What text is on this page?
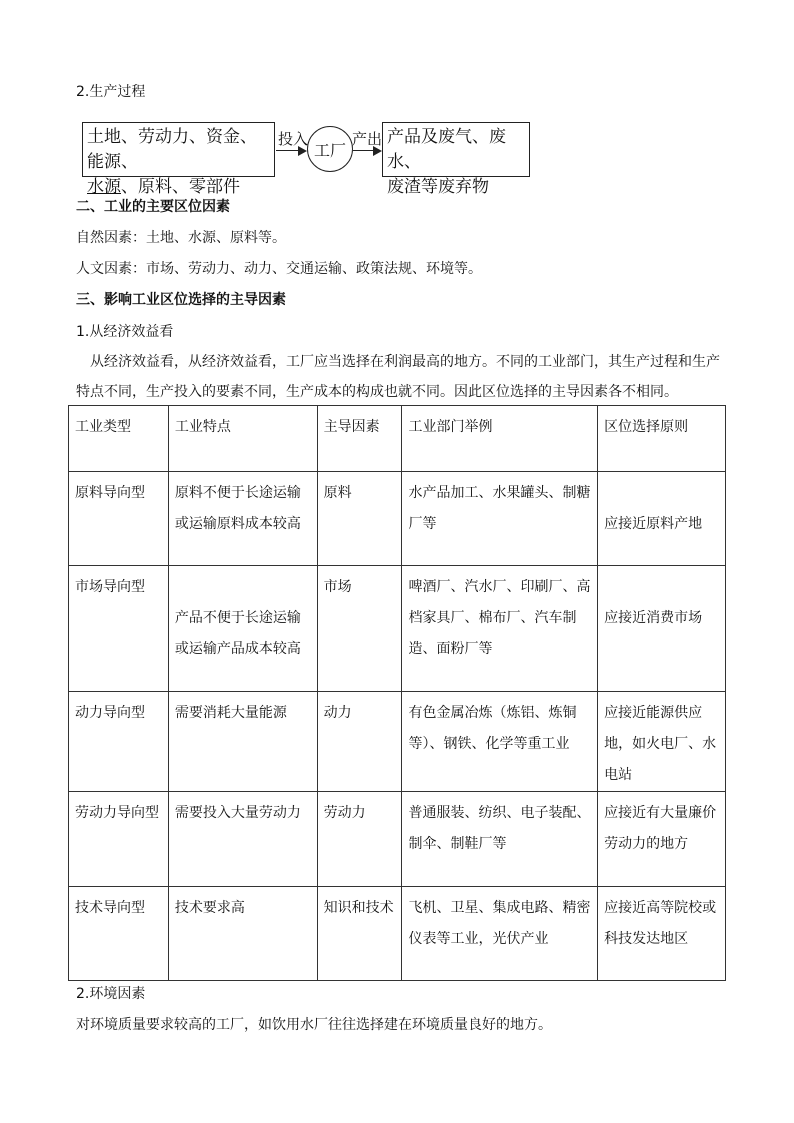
2.生产过程
土地、劳动力、资金、能源、
水源、原料、零部件
投入
工厂
产出 产品及废气、废水、
废渣等废弃物
二、工业的主要区位因素
自然因素：土地、水源、原料等。
人文因素：市场、劳动力、动力、交通运输、政策法规、环境等。
三、影响工业区位选择的主导因素
1.从经济效益看
从经济效益看，从经济效益看，工厂应当选择在利润最高的地方。不同的工业部门，其生产过程和生产
特点不同，生产投入的要素不同，生产成本的构成也就不同。因此区位选择的主导因素各不相同。
工业类型	工业特点	主导因素	工业部门举例	区位选择原则
原料导向型	原料不便于长途运输或运输原料成本较高	原料	水产品加工、水果罐头、制糖厂等	应接近原料产地
市场导向型	产品不便于长途运输或运输产品成本较高	市场	啤酒厂、汽水厂、印刷厂、高档家具厂、棉布厂、汽车制造、面粉厂等	应接近消费市场
动力导向型	需要消耗大量能源	动力	有色金属冶炼（炼铝、炼铜等）、钢铁、化学等重工业	应接近能源供应地，如火电厂、水电站
劳动力导向型	需要投入大量劳动力	劳动力	普通服装、纺织、电子装配、制伞、制鞋厂等	应接近有大量廉价劳动力的地方
技术导向型	技术要求高	知识和技术	飞机、卫星、集成电路、精密仪表等工业，光伏产业	应接近高等院校或科技发达地区
2.环境因素
对环境质量要求较高的工厂，如饮用水厂往往选择建在环境质量良好的地方。
